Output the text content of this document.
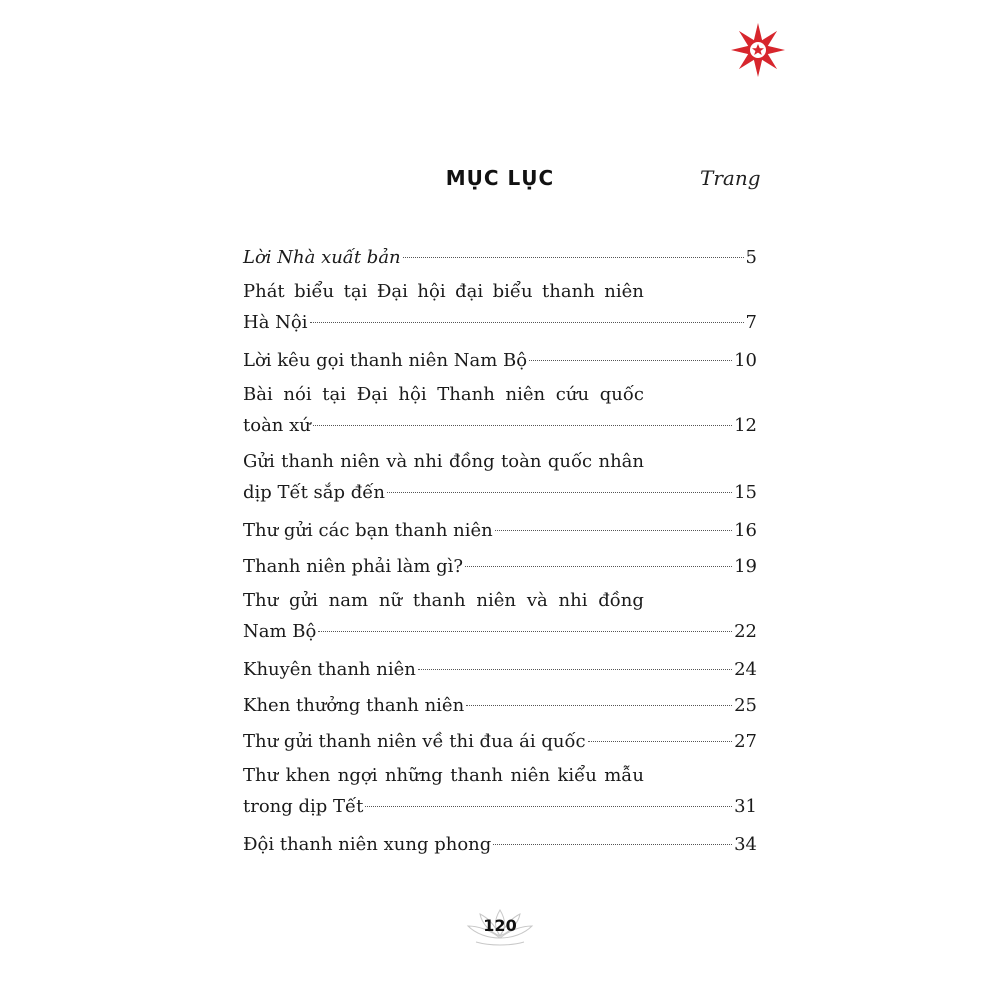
MỤC LỤC	Trang
Lời Nhà xuất bản	5
Phát biểu tại Đại hội đại biểu thanh niên
Hà Nội	7
Lời kêu gọi thanh niên Nam Bộ	10
Bài nói tại Đại hội Thanh niên cứu quốc
toàn xứ	12
Gửi thanh niên và nhi đồng toàn quốc nhân
dịp Tết sắp đến	15
Thư gửi các bạn thanh niên	16
Thanh niên phải làm gì?	19
Thư gửi nam nữ thanh niên và nhi đồng
Nam Bộ	22
Khuyên thanh niên	24
Khen thưởng thanh niên	25
Thư gửi thanh niên về thi đua ái quốc	27
Thư khen ngợi những thanh niên kiểu mẫu
trong dịp Tết	31
Đội thanh niên xung phong	34
120
